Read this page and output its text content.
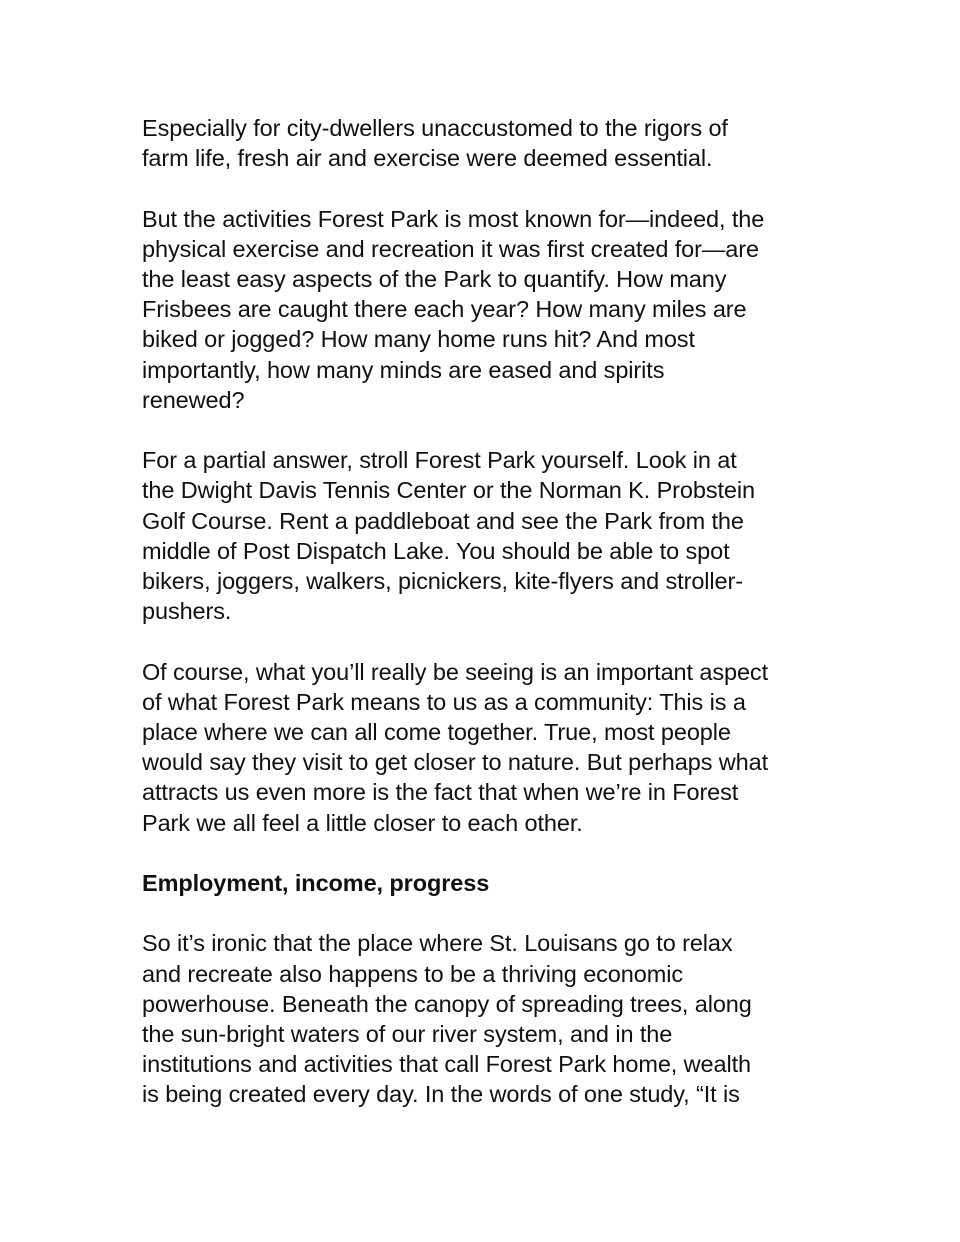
Especially for city-dwellers unaccustomed to the rigors of
farm life, fresh air and exercise were deemed essential.

But the activities Forest Park is most known for—indeed, the
physical exercise and recreation it was first created for—are
the least easy aspects of the Park to quantify. How many
Frisbees are caught there each year? How many miles are
biked or jogged? How many home runs hit? And most
importantly, how many minds are eased and spirits
renewed?

For a partial answer, stroll Forest Park yourself. Look in at
the Dwight Davis Tennis Center or the Norman K. Probstein
Golf Course. Rent a paddleboat and see the Park from the
middle of Post Dispatch Lake. You should be able to spot
bikers, joggers, walkers, picnickers, kite-flyers and stroller-
pushers.

Of course, what you’ll really be seeing is an important aspect
of what Forest Park means to us as a community: This is a
place where we can all come together. True, most people
would say they visit to get closer to nature. But perhaps what
attracts us even more is the fact that when we’re in Forest
Park we all feel a little closer to each other.

Employment, income, progress

So it’s ironic that the place where St. Louisans go to relax
and recreate also happens to be a thriving economic
powerhouse. Beneath the canopy of spreading trees, along
the sun-bright waters of our river system, and in the
institutions and activities that call Forest Park home, wealth
is being created every day. In the words of one study, “It is
